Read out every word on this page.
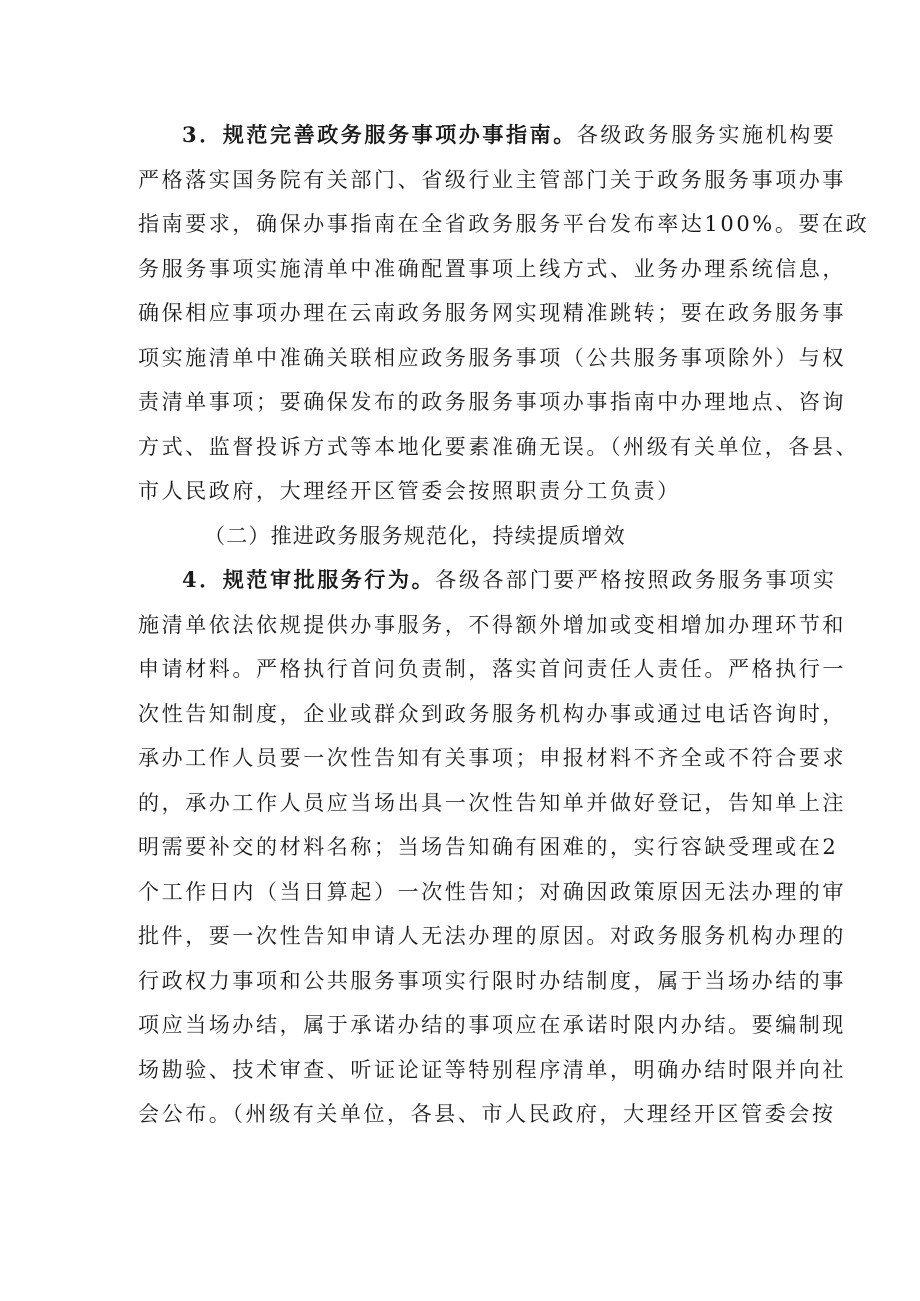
3．规范完善政务服务事项办事指南。各级政务服务实施机构要
严格落实国务院有关部门、省级行业主管部门关于政务服务事项办事
指南要求，确保办事指南在全省政务服务平台发布率达100%。要在政
务服务事项实施清单中准确配置事项上线方式、业务办理系统信息，
确保相应事项办理在云南政务服务网实现精准跳转；要在政务服务事
项实施清单中准确关联相应政务服务事项（公共服务事项除外）与权
责清单事项；要确保发布的政务服务事项办事指南中办理地点、咨询
方式、监督投诉方式等本地化要素准确无误。（州级有关单位，各县、
市人民政府，大理经开区管委会按照职责分工负责）
（二）推进政务服务规范化，持续提质增效
4．规范审批服务行为。各级各部门要严格按照政务服务事项实
施清单依法依规提供办事服务，不得额外增加或变相增加办理环节和
申请材料。严格执行首问负责制，落实首问责任人责任。严格执行一
次性告知制度，企业或群众到政务服务机构办事或通过电话咨询时，
承办工作人员要一次性告知有关事项；申报材料不齐全或不符合要求
的，承办工作人员应当场出具一次性告知单并做好登记，告知单上注
明需要补交的材料名称；当场告知确有困难的，实行容缺受理或在2
个工作日内（当日算起）一次性告知；对确因政策原因无法办理的审
批件，要一次性告知申请人无法办理的原因。对政务服务机构办理的
行政权力事项和公共服务事项实行限时办结制度，属于当场办结的事
项应当场办结，属于承诺办结的事项应在承诺时限内办结。要编制现
场勘验、技术审查、听证论证等特别程序清单，明确办结时限并向社
会公布。（州级有关单位，各县、市人民政府，大理经开区管委会按
